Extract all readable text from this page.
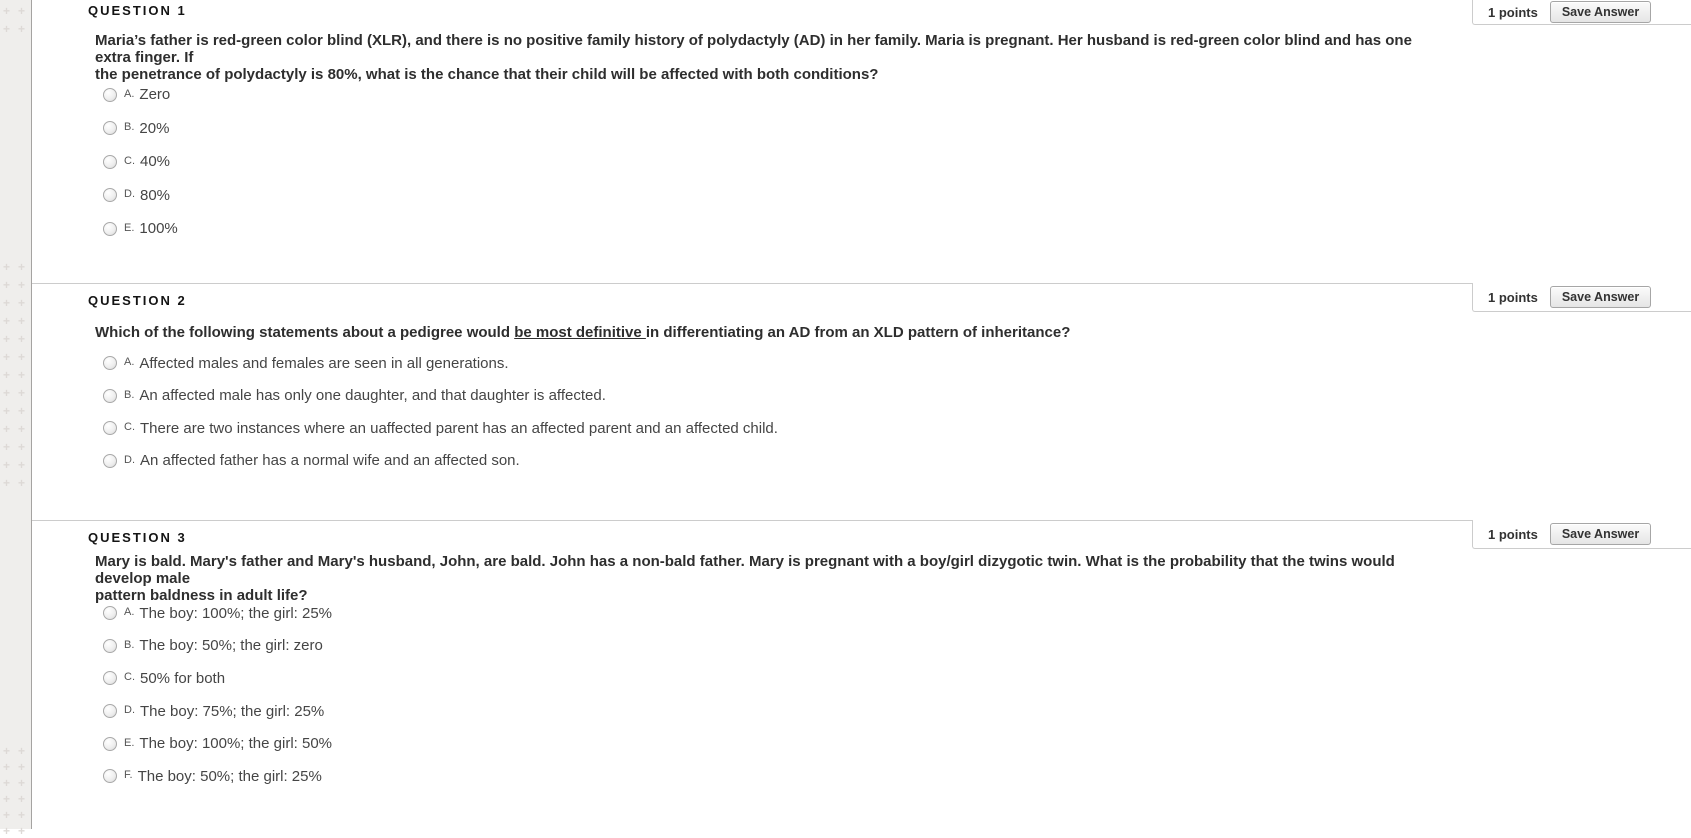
+ +
+ +
+ +
+ +
+ +
+ +
+ +
+ +
+ +
+ +
+ +
+ +
+ +
+ +
+ +
+ +
+ +
+ +
+ +
+ +
+ +
1 points	Save Answer
QUESTION 1
Maria’s father is red-green color blind (XLR), and there is no positive family history of polydactyly (AD) in her family. Maria is pregnant. Her husband is red-green color blind and has one extra finger. If
the penetrance of polydactyly is 80%, what is the chance that their child will be affected with both conditions?
A. Zero
B. 20%
C. 40%
D. 80%
E. 100%
1 points	Save Answer
QUESTION 2
Which of the following statements about a pedigree would be most definitive in differentiating an AD from an XLD pattern of inheritance?
A. Affected males and females are seen in all generations.
B. An affected male has only one daughter, and that daughter is affected.
C. There are two instances where an uaffected parent has an affected parent and an affected child.
D. An affected father has a normal wife and an affected son.
1 points	Save Answer
QUESTION 3
Mary is bald. Mary's father and Mary's husband, John, are bald. John has a non-bald father. Mary is pregnant with a boy/girl dizygotic twin. What is the probability that the twins would develop male
pattern baldness in adult life?
A. The boy: 100%; the girl: 25%
B. The boy: 50%; the girl: zero
C. 50% for both
D. The boy: 75%; the girl: 25%
E. The boy: 100%; the girl: 50%
F. The boy: 50%; the girl: 25%
